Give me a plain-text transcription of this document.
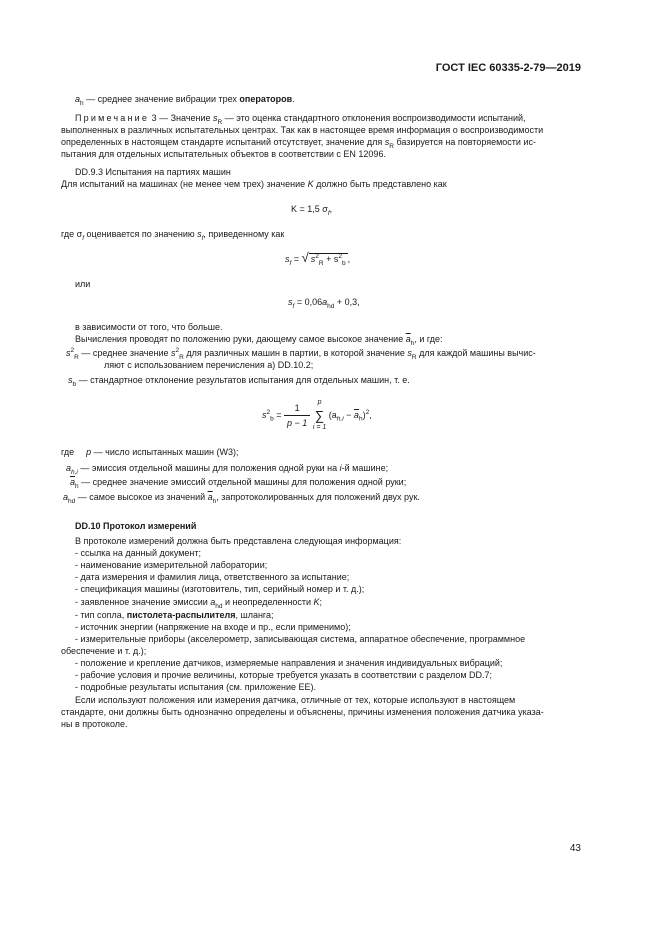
ГОСТ IEC 60335-2-79—2019
$a_h$ — среднее значение вибрации трех операторов.
Примечание 3 — Значение $s_R$ — это оценка стандартного отклонения воспроизводимости испытаний,
выполненных в различных испытательных центрах. Так как в настоящее время информация о воспроизводимости
определенных в настоящем стандарте испытаний отсутствует, значение для $s_R$ базируется на повторяемости ис-
пытания для отдельных испытательных объектов в соответствии с EN 12096.
DD.9.3 Испытания на партиях машин
Для испытаний на машинах (не менее чем трех) значение K должно быть представлено как
K = 1,5 $\sigma_f$,
где $\sigma_f$ оценивается по значению $s_f$, приведенному как
$s_f$ = √ $s^2_R + s^2_b$ ,
или
$s_f = 0,06a_{hd} + 0,3$,
в зависимости от того, что больше.
Вычисления проводят по положению руки, дающему самое высокое значение $\overline{a}_h$, и где:
$s^2_R$ — среднее значение $s^2_R$ для различных машин в партии, в которой значение $s_R$ для каждой машины вычис-
ляют с использованием перечисления а) DD.10.2;
$s_b$ — стандартное отклонение результатов испытания для отдельных машин, т. е.
$s^2_b = \frac{1}{p - 1}$
	p
∑
i = 1
$(a_{h,i} - \overline{a}_h)^2$,
где p — число испытанных машин (W3);
$a_{h,i}$ — эмиссия отдельной машины для положения одной руки на i-й машине;
$\overline{a}_h$ — среднее значение эмиссий отдельной машины для положения одной руки;
$a_{hd}$ — самое высокое из значений $\overline{a}_h$, запротоколированных для положений двух рук.
DD.10 Протокол измерений
В протоколе измерений должна быть представлена следующая информация:
- ссылка на данный документ;
- наименование измерительной лаборатории;
- дата измерения и фамилия лица, ответственного за испытание;
- спецификация машины (изготовитель, тип, серийный номер и т. д.);
- заявленное значение эмиссии $a_{hd}$ и неопределенности K;
- тип сопла, пистолета-распылителя, шланга;
- источник энергии (напряжение на входе и пр., если применимо);
- измерительные приборы (акселерометр, записывающая система, аппаратное обеспечение, программное
обеспечение и т. д.);
- положение и крепление датчиков, измеряемые направления и значения индивидуальных вибраций;
- рабочие условия и прочие величины, которые требуется указать в соответствии с разделом DD.7;
- подробные результаты испытания (см. приложение ЕЕ).
Если используют положения или измерения датчика, отличные от тех, которые используют в настоящем
стандарте, они должны быть однозначно определены и объяснены, причины изменения положения датчика указа-
ны в протоколе.
43
